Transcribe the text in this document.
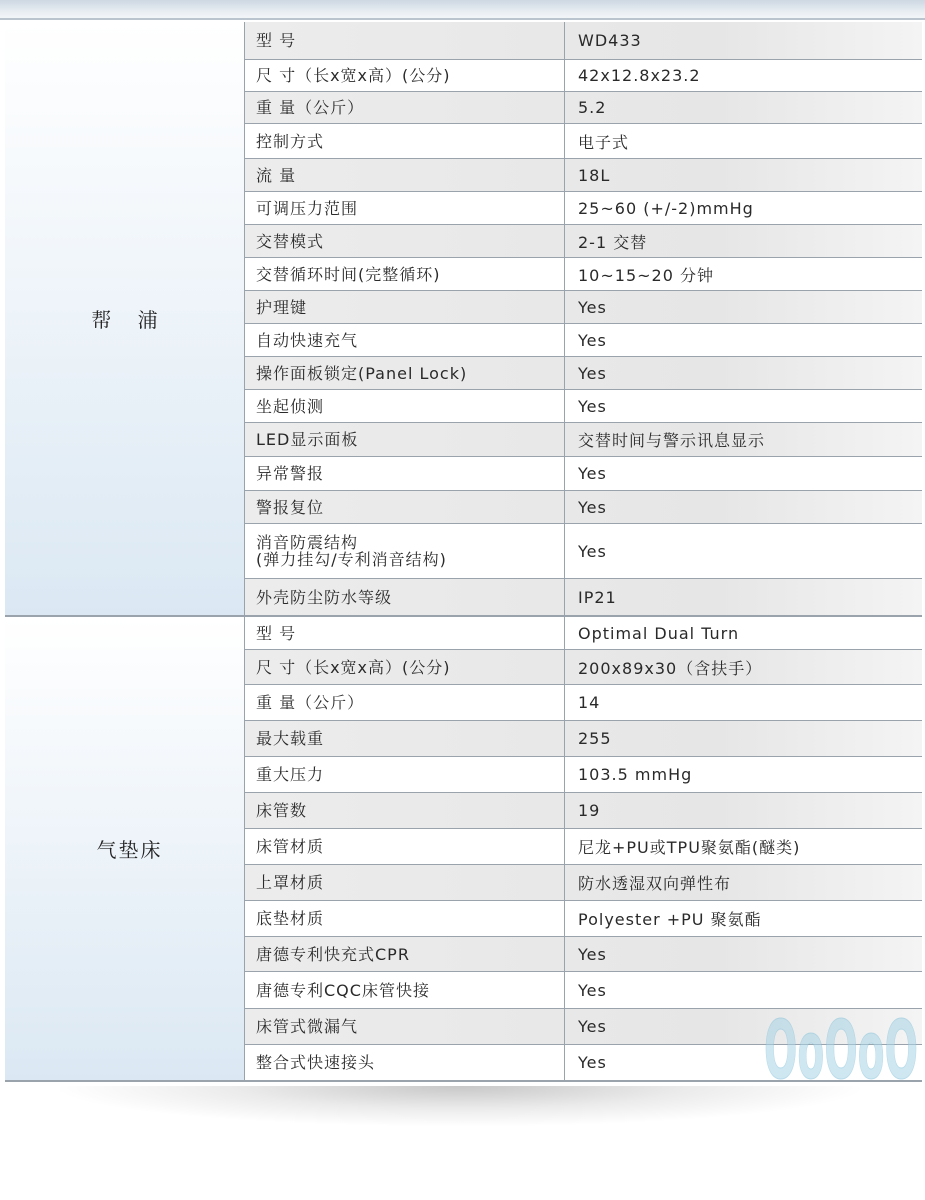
帮 浦
型 号	WD433
尺 寸（长x宽x高）(公分)	42x12.8x23.2
重 量（公斤）	5.2
控制方式	电子式
流 量	18L
可调压力范围	25~60 (+/-2)mmHg
交替模式	2-1 交替
交替循环时间(完整循环)	10~15~20 分钟
护理键	Yes
自动快速充气	Yes
操作面板锁定(Panel Lock)	Yes
坐起侦测	Yes
LED显示面板	交替时间与警示讯息显示
异常警报	Yes
警报复位	Yes
消音防震结构
(弹力挂勾/专利消音结构)	Yes
外壳防尘防水等级	IP21
气垫床
型 号	Optimal Dual Turn
尺 寸（长x宽x高）(公分)	200x89x30（含扶手）
重 量（公斤）	14
最大载重	255
重大压力	103.5 mmHg
床管数	19
床管材质	尼龙+PU或TPU聚氨酯(醚类)
上罩材质	防水透湿双向弹性布
底垫材质	Polyester +PU 聚氨酯
唐德专利快充式CPR	Yes
唐德专利CQC床管快接	Yes
床管式微漏气	Yes
整合式快速接头	Yes	OoOoO
